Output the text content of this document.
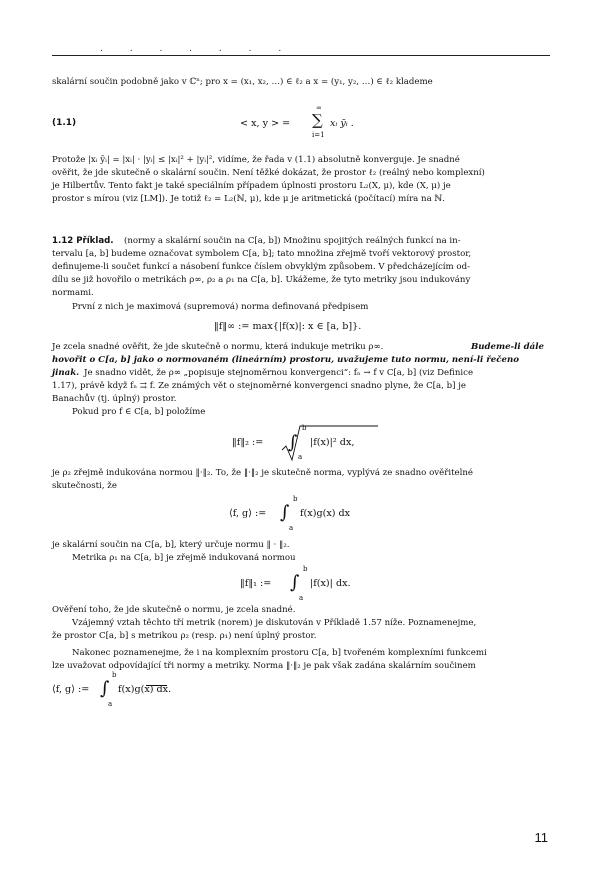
. . . . . . .
skalární součin podobně jako v ℂⁿ; pro x = (x₁, x₂, …) ∈ ℓ₂ a x = (y₁, y₂, …) ∈ ℓ₂ klademe
(1.1)	< x, y > =
∞
∑
i=1
xᵢ ȳᵢ .
Protože |xᵢ ȳᵢ| = |xᵢ| · |yᵢ| ≤ |xᵢ|² + |yᵢ|², vidíme, že řada v (1.1) absolutně konverguje. Je snadné
ověřit, že jde skutečně o skalární součin. Není těžké dokázat, že prostor ℓ₂ (reálný nebo komplexní)
je Hilbertův. Tento fakt je také speciálním případem úplnosti prostoru L₂(X, μ), kde (X, μ) je
prostor s mírou (viz [LM]). Je totiž ℓ₂ = L₂(ℕ, μ), kde μ je aritmetická (počítací) míra na ℕ.
1.12 Příklad. (normy a skalární součin na C[a, b]) Množinu spojitých reálných funkcí na in-
tervalu [a, b] budeme označovat symbolem C[a, b]; tato množina zřejmě tvoří vektorový prostor,
definujeme-li součet funkcí a násobení funkce číslem obvyklým způsobem. V předcházejícím od-
dílu se již hovořilo o metrikách ρ∞, ρ₂ a ρ₁ na C[a, b]. Ukážeme, že tyto metriky jsou indukovány
normami.
První z nich je maximová (supremová) norma definovaná předpisem
‖f‖∞ := max{|f(x)|: x ∈ [a, b]}.
Je zcela snadné ověřit, že jde skutečně o normu, která indukuje metriku ρ∞.	Budeme-li dále
hovořit o C[a, b] jako o normovaném (lineárním) prostoru, uvažujeme tuto normu, není-li řečeno
jinak. Je snadno vidět, že ρ∞ „popisuje stejnoměrnou konvergenci“: fₙ → f v C[a, b] (viz Definice
1.17), právě když fₙ ⇉ f. Ze známých vět o stejnoměrné konvergenci snadno plyne, že C[a, b] je
Banachův (tj. úplný) prostor.
Pokud pro f ∈ C[a, b] položíme
‖f‖₂ :=
b
∫
a
|f(x)|² dx,
je ρ₂ zřejmě indukována normou ‖·‖₂. To, že ‖·‖₂ je skutečně norma, vyplývá ze snadno ověřitelné
skutečnosti, že
⟨f, g⟩ :=
b
∫
a
f(x)g(x) dx
je skalární součin na C[a, b], který určuje normu ‖ · ‖₂.
Metrika ρ₁ na C[a, b] je zřejmě indukovaná normou
‖f‖₁ :=
b
∫
a
|f(x)| dx.
Ověření toho, že jde skutečně o normu, je zcela snadné.
Vzájemný vztah těchto tří metrik (norem) je diskutován v Příkladě 1.57 níže. Poznamenejme,
že prostor C[a, b] s metrikou ρ₂ (resp. ρ₁) není úplný prostor.
Nakonec poznamenejme, že i na komplexním prostoru C[a, b] tvořeném komplexními funkcemi
lze uvažovat odpovídající tři normy a metriky. Norma ‖·‖₂ je pak však zadána skalárním součinem
⟨f, g⟩ :=
b
∫
a
f(x)g(x) dx.
11
